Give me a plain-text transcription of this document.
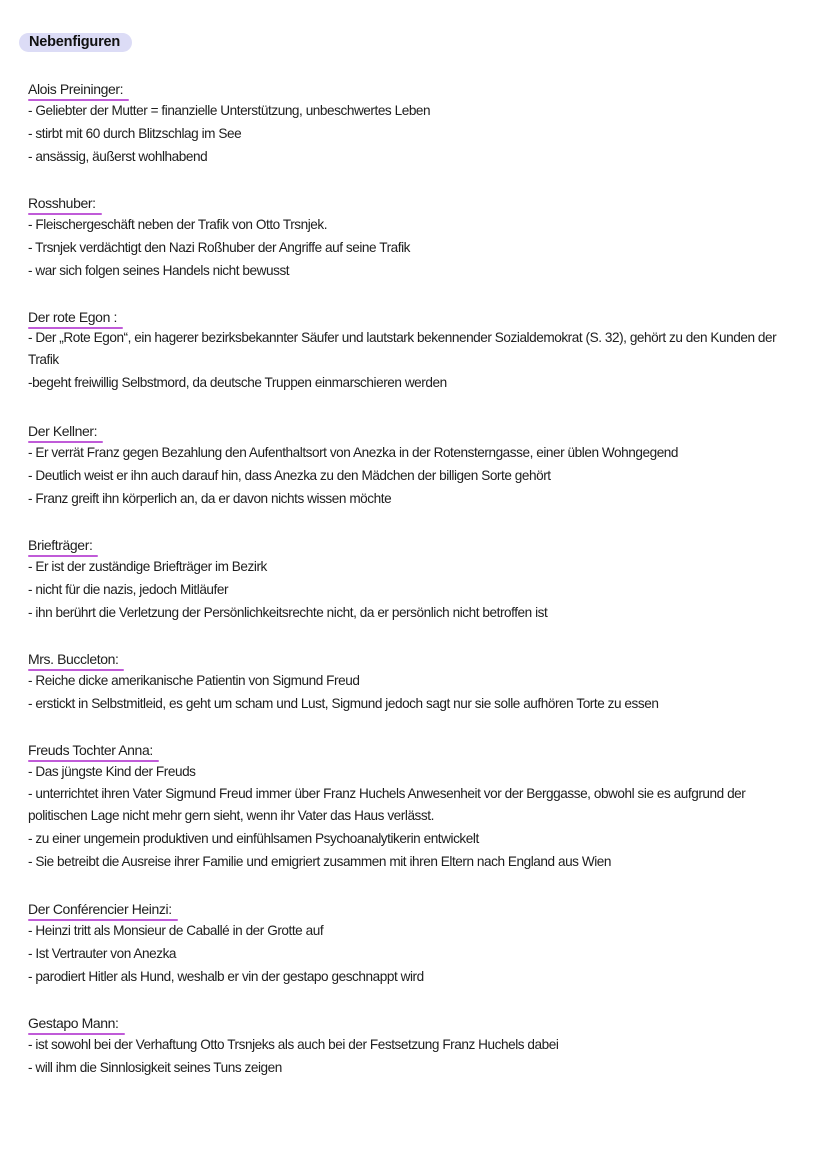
Nebenfiguren
Alois Preininger:
- Geliebter der Mutter = finanzielle Unterstützung, unbeschwertes Leben
- stirbt mit 60 durch Blitzschlag im See
- ansässig, äußerst wohlhabend
Rosshuber:
- Fleischergeschäft neben der Trafik von Otto Trsnjek.
- Trsnjek verdächtigt den Nazi Roßhuber der Angriffe auf seine Trafik
- war sich folgen seines Handels nicht bewusst
Der rote Egon :
- Der „Rote Egon“, ein hagerer bezirksbekannter Säufer und lautstark bekennender Sozialdemokrat (S. 32), gehört zu den Kunden der Trafik
-begeht freiwillig Selbstmord, da deutsche Truppen einmarschieren werden
Der Kellner:
- Er verrät Franz gegen Bezahlung den Aufenthaltsort von Anezka in der Rotensterngasse, einer üblen Wohngegend
- Deutlich weist er ihn auch darauf hin, dass Anezka zu den Mädchen der billigen Sorte gehört
- Franz greift ihn körperlich an, da er davon nichts wissen möchte
Briefträger:
- Er ist der zuständige Briefträger im Bezirk
- nicht für die nazis, jedoch Mitläufer
- ihn berührt die Verletzung der Persönlichkeitsrechte nicht, da er persönlich nicht betroffen ist
Mrs. Buccleton:
- Reiche dicke amerikanische Patientin von Sigmund Freud
- erstickt in Selbstmitleid, es geht um scham und Lust, Sigmund jedoch sagt nur sie solle aufhören Torte zu essen
Freuds Tochter Anna:
- Das jüngste Kind der Freuds
- unterrichtet ihren Vater Sigmund Freud immer über Franz Huchels Anwesenheit vor der Berggasse, obwohl sie es aufgrund der politischen Lage nicht mehr gern sieht, wenn ihr Vater das Haus verlässt.
- zu einer ungemein produktiven und einfühlsamen Psychoanalytikerin entwickelt
- Sie betreibt die Ausreise ihrer Familie und emigriert zusammen mit ihren Eltern nach England aus Wien
Der Conférencier Heinzi:
- Heinzi tritt als Monsieur de Caballé in der Grotte auf
- Ist Vertrauter von Anezka
- parodiert Hitler als Hund, weshalb er vin der gestapo geschnappt wird
Gestapo Mann:
- ist sowohl bei der Verhaftung Otto Trsnjeks als auch bei der Festsetzung Franz Huchels dabei
- will ihm die Sinnlosigkeit seines Tuns zeigen
